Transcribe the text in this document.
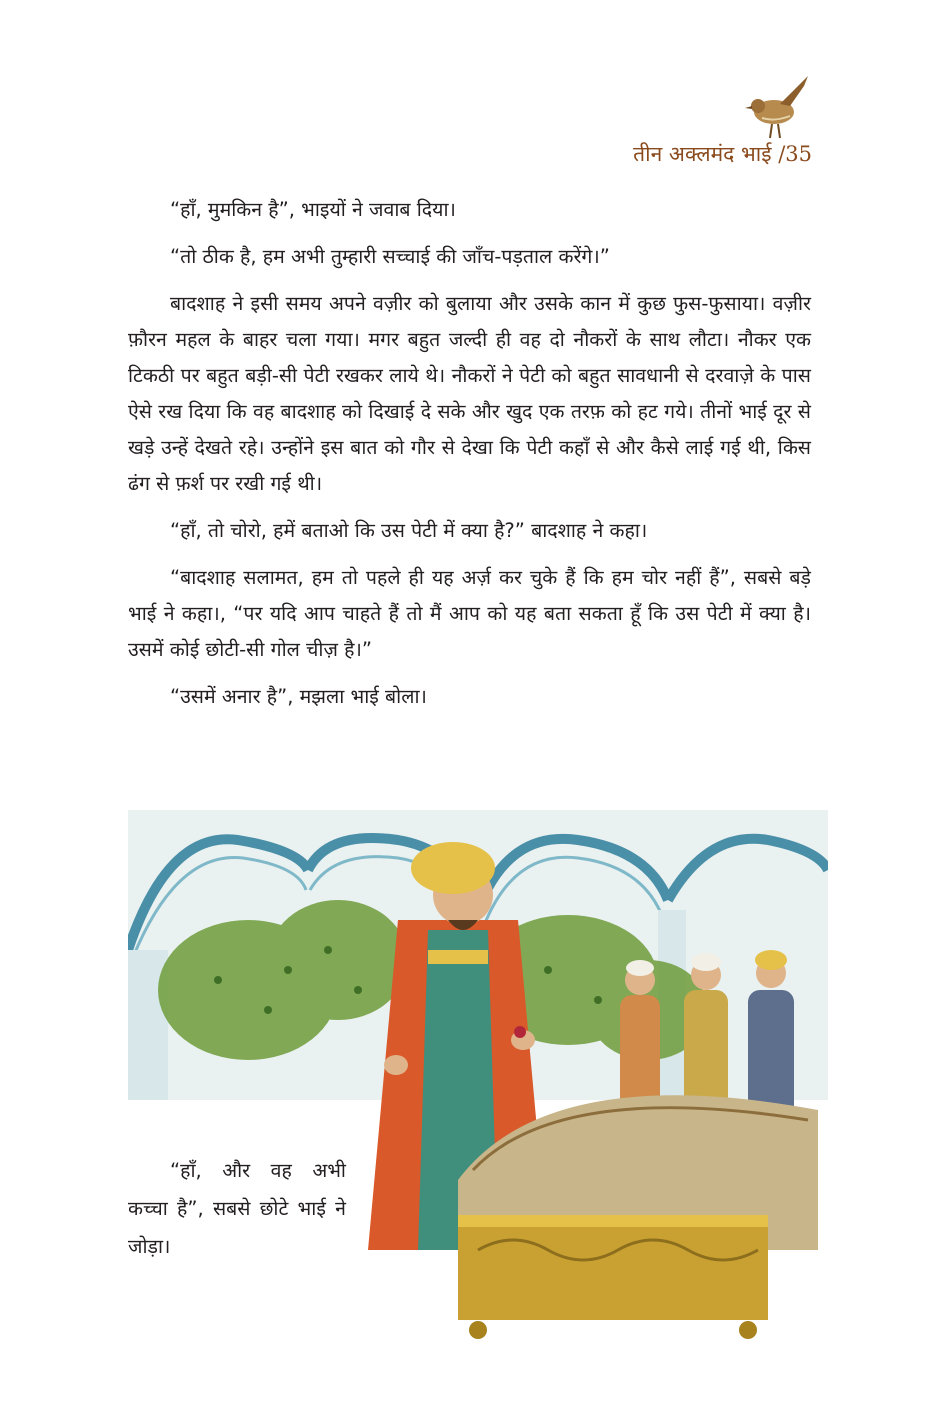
तीन अक्लमंद भाई /35

“हाँ, मुमकिन है”, भाइयों ने जवाब दिया।

“तो ठीक है, हम अभी तुम्हारी सच्चाई की जाँच-पड़ताल करेंगे।”

बादशाह ने इसी समय अपने वज़ीर को बुलाया और उसके कान में कुछ फुस-फुसाया। वज़ीर फ़ौरन महल के बाहर चला गया। मगर बहुत जल्दी ही वह दो नौकरों के साथ लौटा। नौकर एक टिकठी पर बहुत बड़ी-सी पेटी रखकर लाये थे। नौकरों ने पेटी को बहुत सावधानी से दरवाज़े के पास ऐसे रख दिया कि वह बादशाह को दिखाई दे सके और खुद एक तरफ़ को हट गये। तीनों भाई दूर से खड़े उन्हें देखते रहे। उन्होंने इस बात को गौर से देखा कि पेटी कहाँ से और कैसे लाई गई थी, किस ढंग से फ़र्श पर रखी गई थी।

“हाँ, तो चोरो, हमें बताओ कि उस पेटी में क्या है?” बादशाह ने कहा।

“बादशाह सलामत, हम तो पहले ही यह अर्ज़ कर चुके हैं कि हम चोर नहीं हैं”, सबसे बड़े भाई ने कहा।, “पर यदि आप चाहते हैं तो मैं आप को यह बता सकता हूँ कि उस पेटी में क्या है। उसमें कोई छोटी-सी गोल चीज़ है।”

“उसमें अनार है”, मझला भाई बोला।

“हाँ, और वह अभी कच्चा है”, सबसे छोटे भाई ने जोड़ा।
